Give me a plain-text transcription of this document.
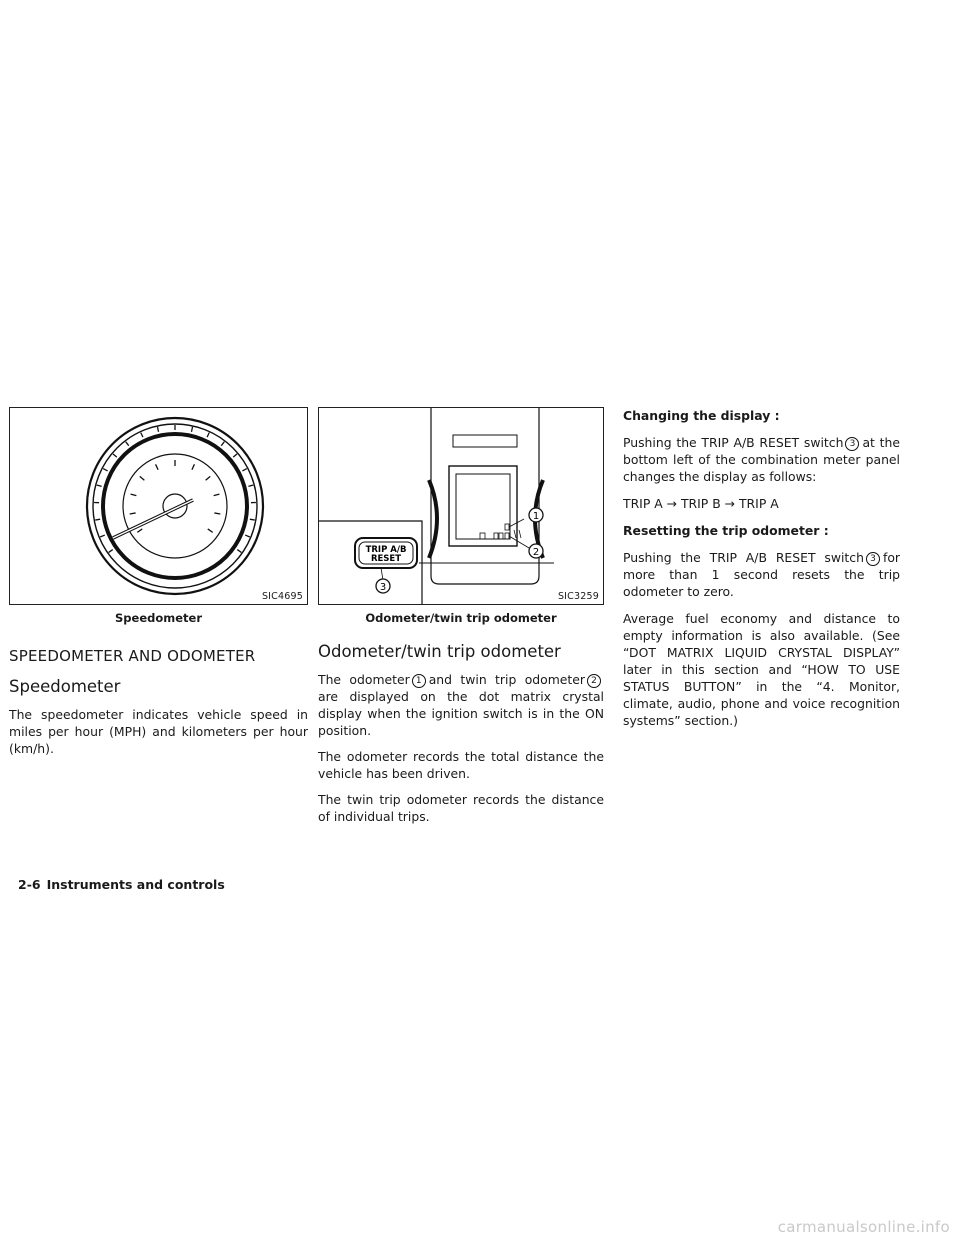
SIC4695
Speedometer
SPEEDOMETER AND ODOMETER
Speedometer

The speedometer indicates vehicle speed in miles per hour (MPH) and kilometers per hour (km/h).

1
2
TRIP A/B
RESET
3
SIC3259
Odometer/twin trip odometer
Odometer/twin trip odometer

The odometer 1 and twin trip odometer 2are displayed on the dot matrix crystal display when the ignition switch is in the ON position.

The odometer records the total distance the vehicle has been driven.

The twin trip odometer records the distance of individual trips.

Changing the display :

Pushing the TRIP A/B RESET switch 3 at the bottom left of the combination meter panel changes the display as follows:

TRIP A → TRIP B → TRIP A

Resetting the trip odometer :

Pushing the TRIP A/B RESET switch 3 for more than 1 second resets the trip odometer to zero.

Average fuel economy and distance to empty information is also available. (See “DOT MATRIX LIQUID CRYSTAL DISPLAY” later in this section and “HOW TO USE STATUS BUTTON” in the “4. Monitor, climate, audio, phone and voice recognition systems” section.)

2-6 Instruments and controls
carmanualsonline.info
